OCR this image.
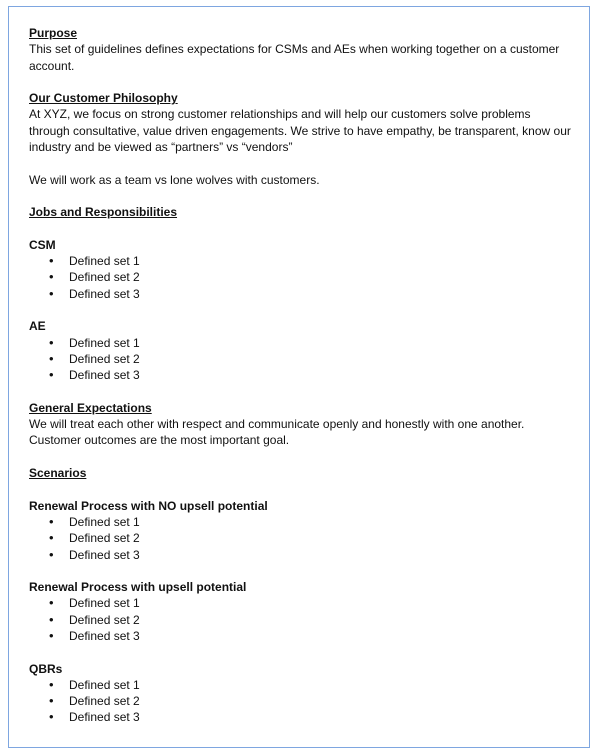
Purpose

This set of guidelines defines expectations for CSMs and AEs when working together on a customer account.

Our Customer Philosophy

At XYZ, we focus on strong customer relationships and will help our customers solve problems through consultative, value driven engagements. We strive to have empathy, be transparent, know our industry and be viewed as “partners” vs “vendors”

We will work as a team vs lone wolves with customers.

Jobs and Responsibilities

CSM

• Defined set 1
• Defined set 2
• Defined set 3

AE

• Defined set 1
• Defined set 2
• Defined set 3

General Expectations

We will treat each other with respect and communicate openly and honestly with one another. Customer outcomes are the most important goal.

Scenarios

Renewal Process with NO upsell potential

• Defined set 1
• Defined set 2
• Defined set 3

Renewal Process with upsell potential

• Defined set 1
• Defined set 2
• Defined set 3

QBRs

• Defined set 1
• Defined set 2
• Defined set 3
